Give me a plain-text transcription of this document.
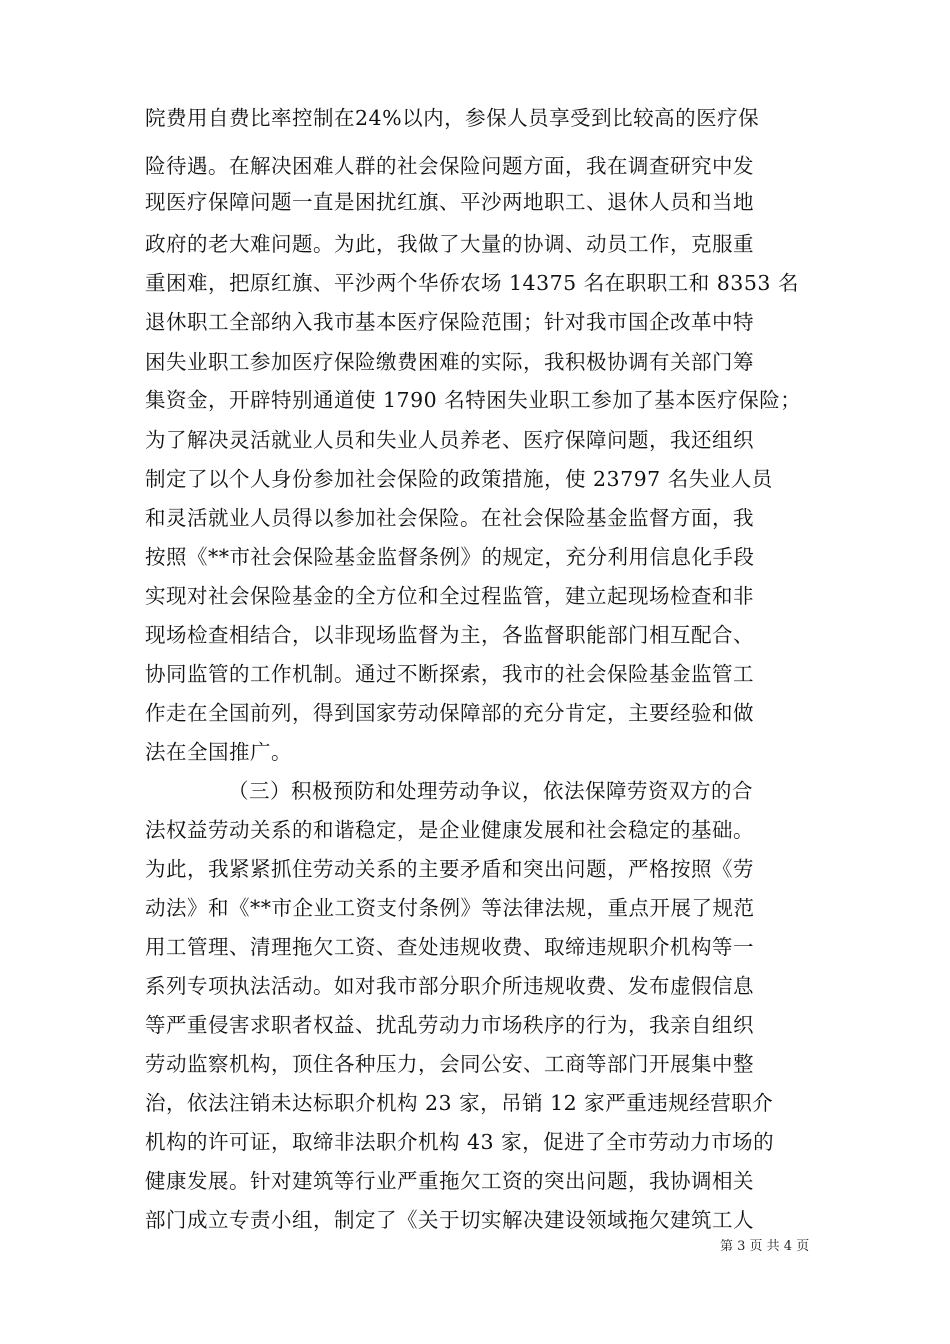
院费用自费比率控制在24%以内，参保人员享受到比较高的医疗保
险待遇。在解决困难人群的社会保险问题方面，我在调查研究中发
现医疗保障问题一直是困扰红旗、平沙两地职工、退休人员和当地
政府的老大难问题。为此，我做了大量的协调、动员工作，克服重
重困难，把原红旗、平沙两个华侨农场 14375 名在职职工和 8353 名
退休职工全部纳入我市基本医疗保险范围；针对我市国企改革中特
困失业职工参加医疗保险缴费困难的实际，我积极协调有关部门筹
集资金，开辟特别通道使 1790 名特困失业职工参加了基本医疗保险；
为了解决灵活就业人员和失业人员养老、医疗保障问题，我还组织
制定了以个人身份参加社会保险的政策措施，使 23797 名失业人员
和灵活就业人员得以参加社会保险。在社会保险基金监督方面，我
按照《**市社会保险基金监督条例》的规定，充分利用信息化手段
实现对社会保险基金的全方位和全过程监管，建立起现场检查和非
现场检查相结合，以非现场监督为主，各监督职能部门相互配合、
协同监管的工作机制。通过不断探索，我市的社会保险基金监管工
作走在全国前列，得到国家劳动保障部的充分肯定，主要经验和做
法在全国推广。
（三）积极预防和处理劳动争议，依法保障劳资双方的合
法权益劳动关系的和谐稳定，是企业健康发展和社会稳定的基础。
为此，我紧紧抓住劳动关系的主要矛盾和突出问题，严格按照《劳
动法》和《**市企业工资支付条例》等法律法规，重点开展了规范
用工管理、清理拖欠工资、查处违规收费、取缔违规职介机构等一
系列专项执法活动。如对我市部分职介所违规收费、发布虚假信息
等严重侵害求职者权益、扰乱劳动力市场秩序的行为，我亲自组织
劳动监察机构，顶住各种压力，会同公安、工商等部门开展集中整
治，依法注销未达标职介机构 23 家，吊销 12 家严重违规经营职介
机构的许可证，取缔非法职介机构 43 家，促进了全市劳动力市场的
健康发展。针对建筑等行业严重拖欠工资的突出问题，我协调相关
部门成立专责小组，制定了《关于切实解决建设领域拖欠建筑工人
第 3 页 共 4 页
